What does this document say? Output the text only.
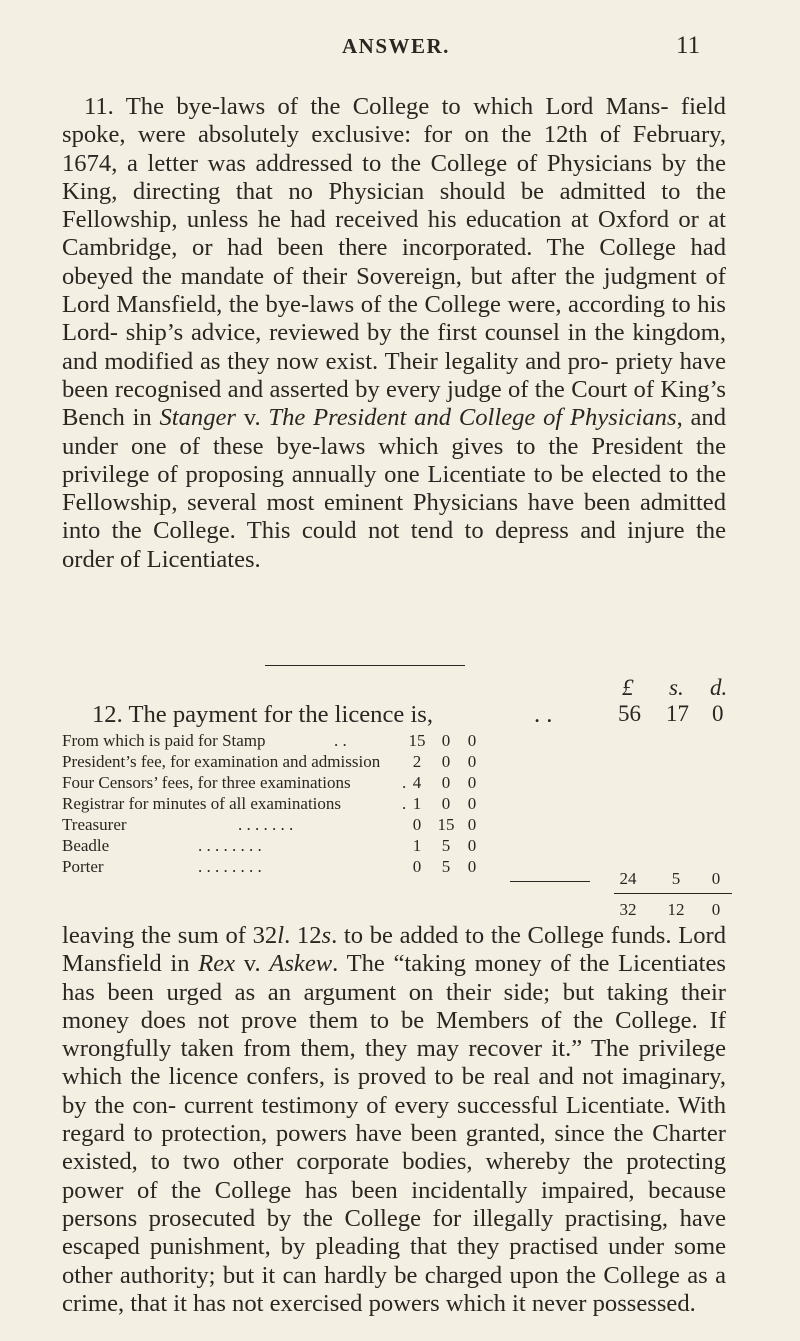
ANSWER.	11

11. The bye-laws of the College to which Lord Mans- field spoke, were absolutely exclusive: for on the 12th of February, 1674, a letter was addressed to the College of Physicians by the King, directing that no Physician should be admitted to the Fellowship, unless he had received his education at Oxford or at Cambridge, or had been there incorporated. The College had obeyed the mandate of their Sovereign, but after the judgment of Lord Mansfield, the bye-laws of the College were, according to his Lord- ship’s advice, reviewed by the first counsel in the kingdom, and modified as they now exist. Their legality and pro- priety have been recognised and asserted by every judge of the Court of King’s Bench in Stanger v. The President and College of Physicians, and under one of these bye-laws which gives to the President the privilege of proposing annually one Licentiate to be elected to the Fellowship, several most eminent Physicians have been admitted into the College. This could not tend to depress and injure the order of Licentiates.

£ s. d.
12. The payment for the licence is,	. .	56 17 0
From which is paid for Stamp	. .	15 0	0
President’s fee, for examination and admission	2	0	0
Four Censors’ fees, for three examinations	. 4	0	0
Registrar for minutes of all examinations	. 1	0	0
Treasurer	. . . . . . .	0 15 0
Beadle	. . . . . . . .	1	5	0
Porter	. . . . . . . .	0	5	0
24	5	0
32 12	0

leaving the sum of 32l. 12s. to be added to the College funds. Lord Mansfield in Rex v. Askew. The “taking money of the Licentiates has been urged as an argument on their side; but taking their money does not prove them to be Members of the College. If wrongfully taken from them, they may recover it.” The privilege which the licence confers, is proved to be real and not imaginary, by the con- current testimony of every successful Licentiate. With regard to protection, powers have been granted, since the Charter existed, to two other corporate bodies, whereby the protecting power of the College has been incidentally impaired, because persons prosecuted by the College for illegally practising, have escaped punishment, by pleading that they practised under some other authority; but it can hardly be charged upon the College as a crime, that it has not exercised powers which it never possessed.
